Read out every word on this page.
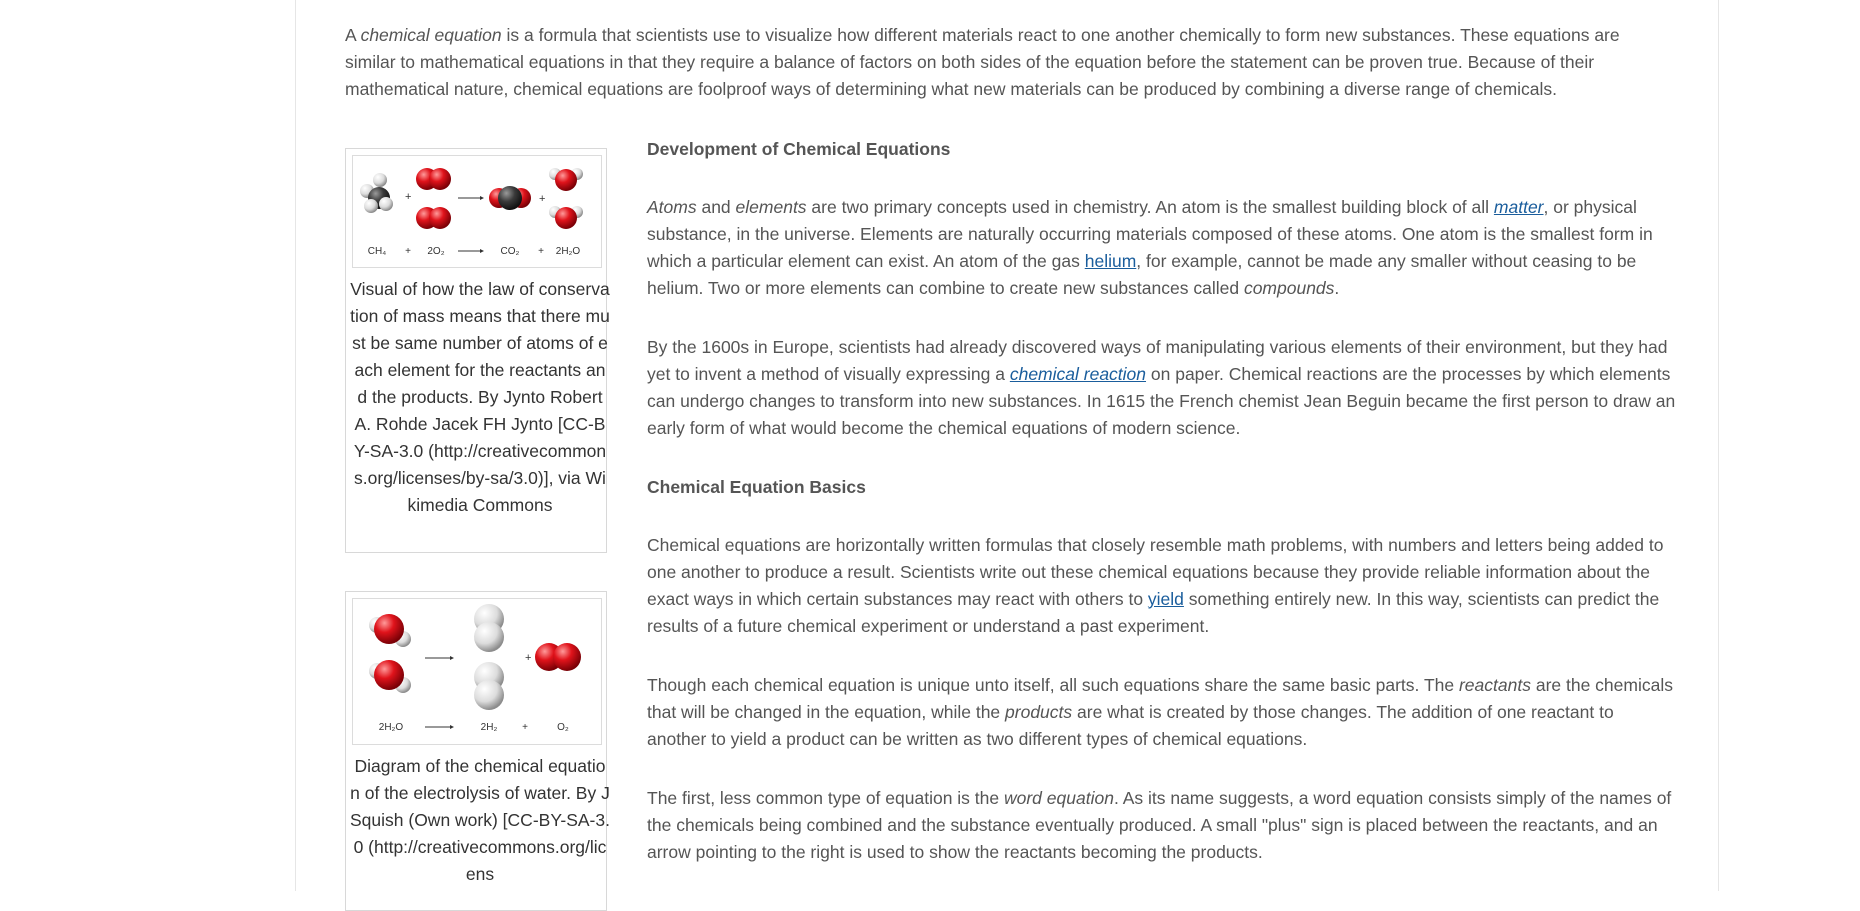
A chemical equation is a formula that scientists use to visualize how different materials react to one another chemically to form new substances. These equations are similar to mathematical equations in that they require a balance of factors on both sides of the equation before the statement can be proven true. Because of their mathematical nature, chemical equations are foolproof ways of determining what new materials can be produced by combining a diverse range of chemicals.

+	+
CH₄ + 2O₂	CO₂ + 2H₂O
Visual of how the law of conservation of mass means that there must be same number of atoms of each element for the reactants and the products. By Jynto Robert A. Rohde Jacek FH Jynto [CC-BY-SA-3.0 (http://creativecommons.org/licenses/by-sa/3.0)], via Wikimedia Commons
+
2H₂O	2H₂ +	O₂
Diagram of the chemical equation of the electrolysis of water. By JSquish (Own work) [CC-BY-SA-3.0 (http://creativecommons.org/licens
Development of Chemical Equations

Atoms and elements are two primary concepts used in chemistry. An atom is the smallest building block of all matter, or physical substance, in the universe. Elements are naturally occurring materials composed of these atoms. One atom is the smallest form in which a particular element can exist. An atom of the gas helium, for example, cannot be made any smaller without ceasing to be helium. Two or more elements can combine to create new substances called compounds.

By the 1600s in Europe, scientists had already discovered ways of manipulating various elements of their environment, but they had yet to invent a method of visually expressing a chemical reaction on paper. Chemical reactions are the processes by which elements can undergo changes to transform into new substances. In 1615 the French chemist Jean Beguin became the first person to draw an early form of what would become the chemical equations of modern science.

Chemical Equation Basics

Chemical equations are horizontally written formulas that closely resemble math problems, with numbers and letters being added to one another to produce a result. Scientists write out these chemical equations because they provide reliable information about the exact ways in which certain substances may react with others to yield something entirely new. In this way, scientists can predict the results of a future chemical experiment or understand a past experiment.

Though each chemical equation is unique unto itself, all such equations share the same basic parts. The reactants are the chemicals that will be changed in the equation, while the products are what is created by those changes. The addition of one reactant to another to yield a product can be written as two different types of chemical equations.

The first, less common type of equation is the word equation. As its name suggests, a word equation consists simply of the names of the chemicals being combined and the substance eventually produced. A small "plus" sign is placed between the reactants, and an arrow pointing to the right is used to show the reactants becoming the products.
